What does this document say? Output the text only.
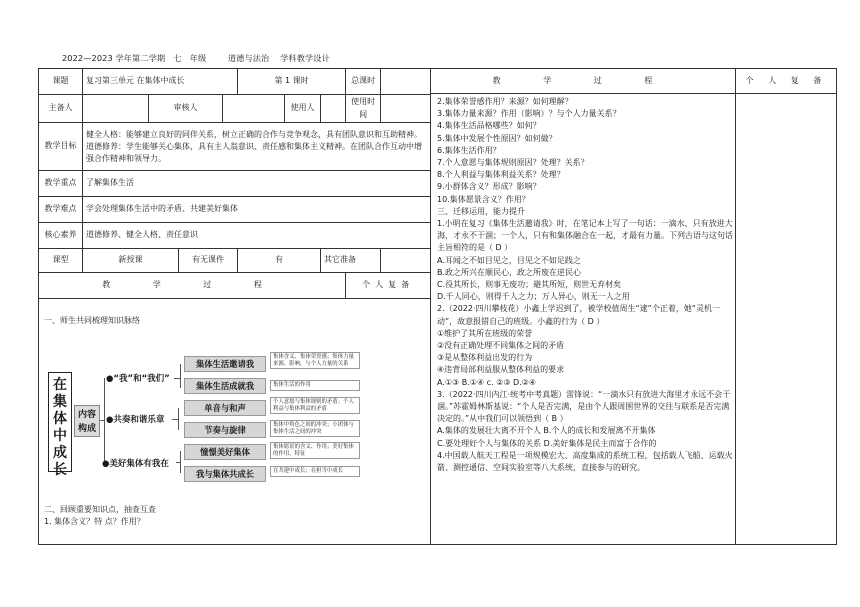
2022—2023 学年第二学期   七   年级        道德与法治    学科教学设计
课题	复习第三单元 在集体中成长				第 1 课时			总课时	
主备人		审核人				使用人		使用时间	
教学目标	健全人格：能够建立良好的同伴关系，树立正确的合作与竞争观念，具有团队意识和互助精神。
道德修养：学生能够关心集体，具有主人翁意识、责任感和集体主义精神。在团队合作互动中增强合作精神和领导力。								
教学重点	了解集体生活								
教学难点	学会处理集体生活中的矛盾、共建美好集体								
核心素养	道德修养、健全人格、责任意识								
课型	新授课		有无课件		有		其它准备		
教 学 过 程								个人复备	

一、师生共同梳理知识脉络

在集体中成长
内容构成
●“我”和“我们”
●共奏和谐乐章
●美好集体有我在
集体生活邀请我
集体生活成就我
单音与和声
节奏与旋律
憧憬美好集体
我与集体共成长
集体含义、集体荣誉感；集体力量来源、影响，与个人力量的关系
集体生活的作用
个人意愿与集体规则的矛盾；个人利益与集体利益的矛盾
集体中角色之间的冲突；小团体与集体生活之间的冲突
集体愿景的含义、作用；美好集体的作用、特征
在共建中成长；在担当中成长

二、回顾重要知识点，抽查互查

1. 集体含义？特 点？作用？

教 学 过 程	个 人 复 备

2.集体荣誉感作用？来源？如何理解？

3.集体力量来源？作用（影响）？与个人力量关系？

4.集体生活品格哪些？如何？

5.集体中发展个性原因？如何做？

6.集体生活作用？

7.个人意愿与集体规则原因？处理？关系？

8.个人利益与集体利益关系？处理？

9.小群体含义？形成？影响？

10.集体愿景含义？作用？

三、迁移运用，能力提升

1.小明在复习《集体生活邀请我》时，在笔记本上写了一句话：一滴水，只有放进大海，才永不干涸；一个人，只有和集体融合在一起，才最有力量。下列古语与这句话主旨相符的是（ D ）

A.耳闻之不如目见之，目见之不如足践之

B.政之所兴在顺民心，政之所废在逆民心

C.役其所长，则事无废功；避其所短，则世无弃材矣

D.千人同心，则得千人之力；万人异心，则无一人之用

2.（2022·四川攀枝花）小鑫上学迟到了，被学校值周生“逮”个正着，她“灵机一动”，故意报错自己的班级。小鑫的行为（ D ）

①维护了其所在班级的荣誉

②没有正确处理不同集体之间的矛盾

③是从整体利益出发的行为

④违背局部利益服从整体利益的要求

A.①③ B.①④ c. ②③ D.②④

3.（2022·四川内江·统考中考真题）雷锋说：“一滴水只有放进大海里才永远不会干涸。”苏霍姆林斯基说：“个人是否完满，是由个人跟周围世界的交往与联系是否完满决定的。”从中我们可以领悟到（ B ）

A.集体的发展壮大离不开个人 B.个人的成长和发展离不开集体

C.要处理好个人与集体的关系 D.美好集体是民主而富于合作的

4.中国载人航天工程是一项规模宏大、高度集成的系统工程，包括载人飞船、运载火箭、测控通信、空间实验室等八大系统，直接参与的研究。
